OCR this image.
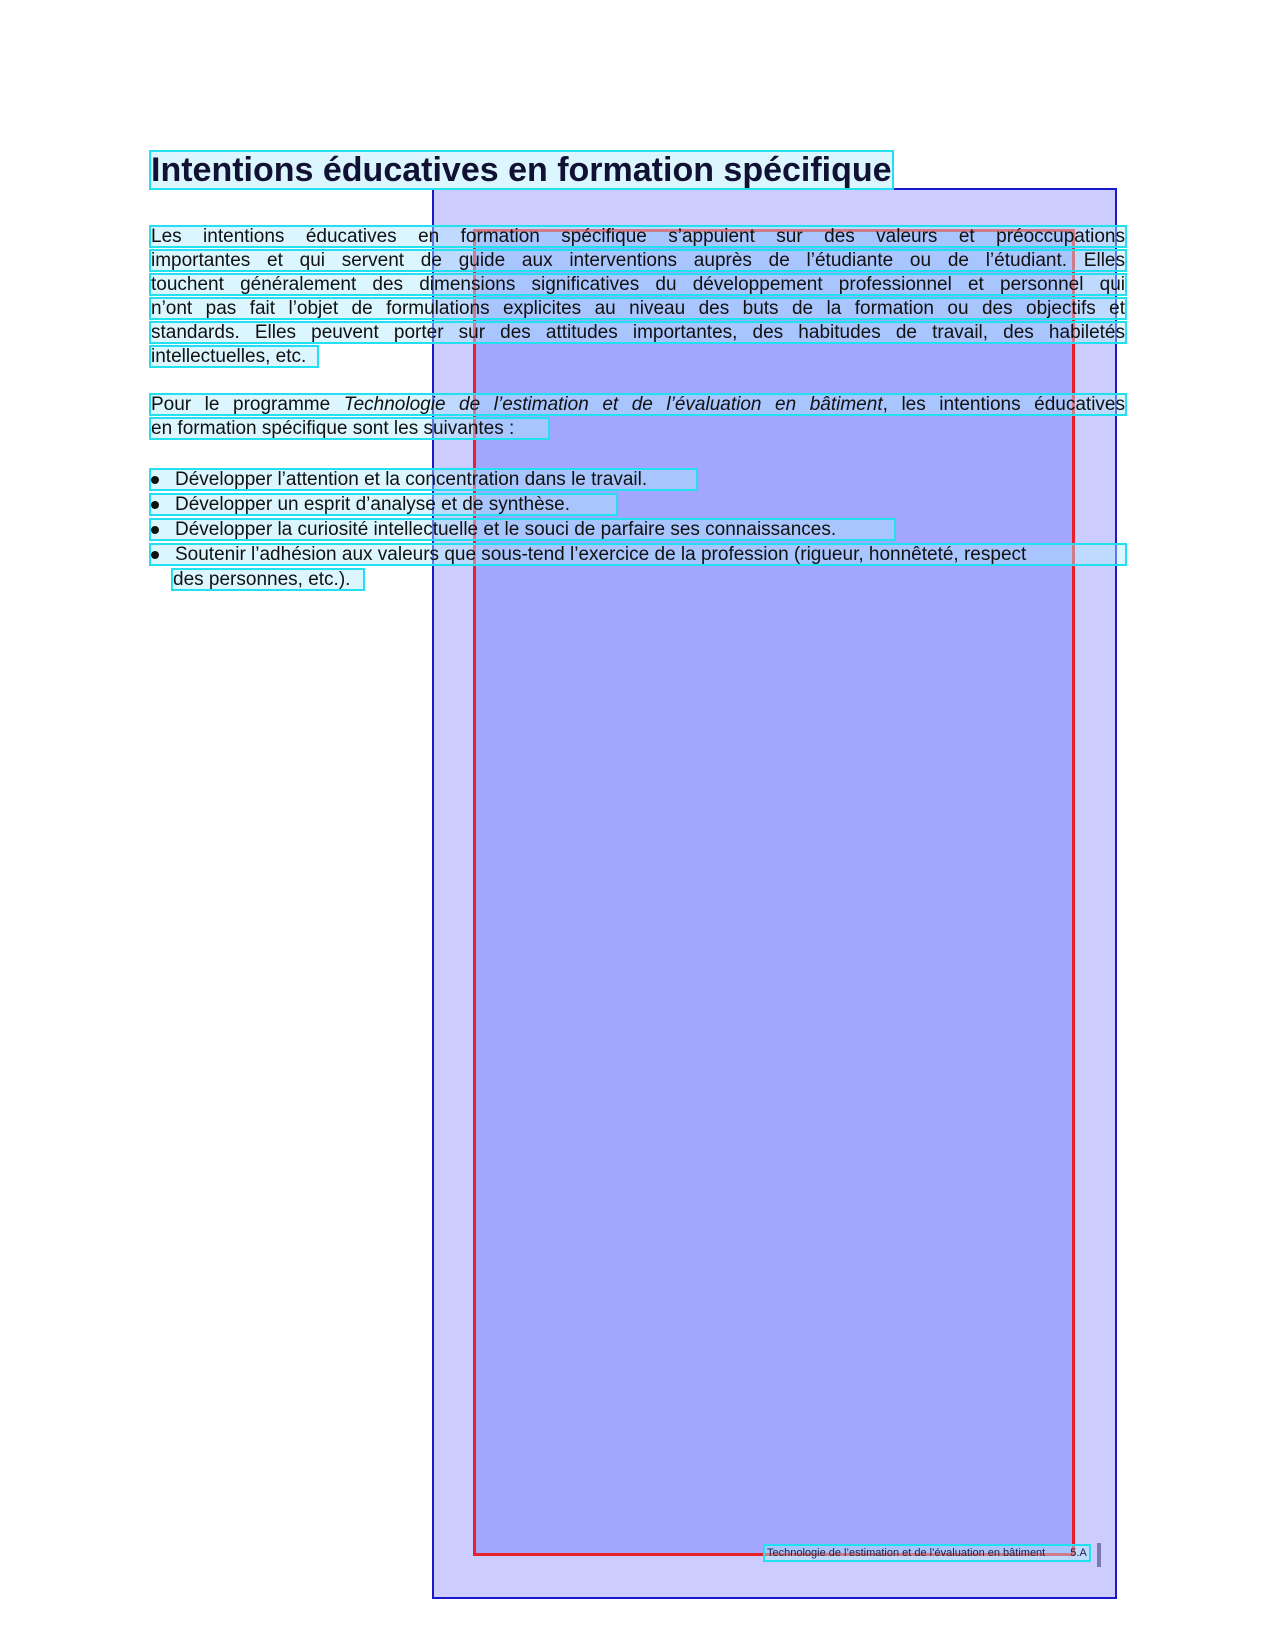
Intentions éducatives en formation spécifique
Les intentions éducatives en formation spécifique s’appuient sur des valeurs et préoccupations
importantes et qui servent de guide aux interventions auprès de l’étudiante ou de l’étudiant. Elles
touchent généralement des dimensions significatives du développement professionnel et personnel qui
n’ont pas fait l’objet de formulations explicites au niveau des buts de la formation ou des objectifs et
standards. Elles peuvent porter sur des attitudes importantes, des habitudes de travail, des habiletés
intellectuelles, etc.
Pour le programme Technologie de l’estimation et de l’évaluation en bâtiment, les intentions éducatives
en formation spécifique sont les suivantes :
Développer l’attention et la concentration dans le travail.
Développer un esprit d’analyse et de synthèse.
Développer la curiosité intellectuelle et le souci de parfaire ses connaissances.
Soutenir l’adhésion aux valeurs que sous-tend l’exercice de la profession (rigueur, honnêteté, respect
des personnes, etc.).
Technologie de l’estimation et de l’évaluation en bâtiment 5.A
